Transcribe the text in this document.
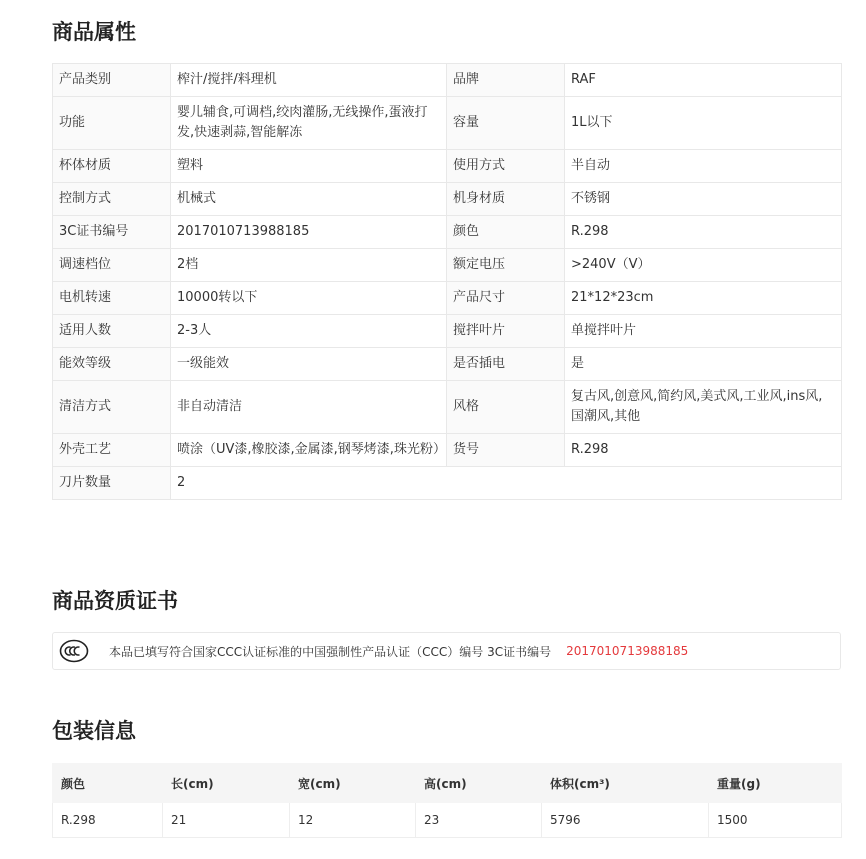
商品属性
产品类别	榨汁/搅拌/料理机	品牌	RAF
功能	婴儿辅食,可调档,绞肉灌肠,无线操作,蛋液打发,快速剥蒜,智能解冻	容量	1L以下
杯体材质	塑料	使用方式	半自动
控制方式	机械式	机身材质	不锈钢
3C证书编号	2017010713988185	颜色	R.298
调速档位	2档	额定电压	>240V（V）
电机转速	10000转以下	产品尺寸	21*12*23cm
适用人数	2-3人	搅拌叶片	单搅拌叶片
能效等级	一级能效	是否插电	是
清洁方式	非自动清洁	风格	复古风,创意风,简约风,美式风,工业风,ins风,国潮风,其他
外壳工艺	喷涂（UV漆,橡胶漆,金属漆,钢琴烤漆,珠光粉）	货号	R.298
刀片数量	2		
商品资质证书
本品已填写符合国家CCC认证标准的中国强制性产品认证（CCC）编号 3C证书编号 2017010713988185
包装信息
颜色	长(cm)	宽(cm)	高(cm)	体积(cm³)	重量(g)
R.298	21	12	23	5796	1500
